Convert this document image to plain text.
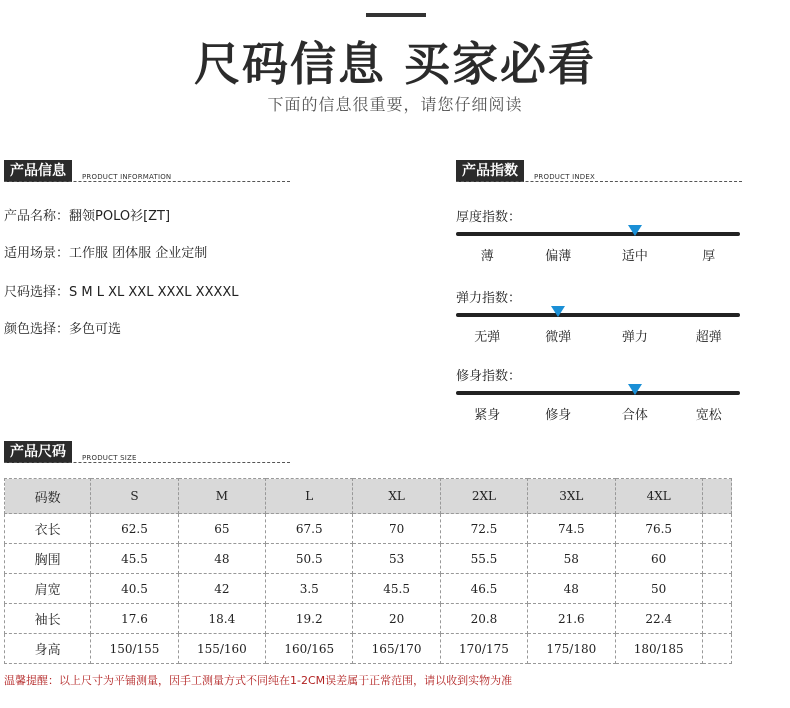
尺码信息 买家必看
下面的信息很重要，请您仔细阅读
产品信息	PRODUCT INFORMATION
产品名称：翻领POLO衫[ZT]
适用场景：工作服 团体服 企业定制
尺码选择：S M L XL XXL XXXL XXXXL
颜色选择：多色可选
产品指数	PRODUCT INDEX
厚度指数：
薄	偏薄	适中	厚
弹力指数：
无弹	微弹	弹力	超弹
修身指数：
紧身	修身	合体	宽松
产品尺码	PRODUCT SIZE
码数	S	M	L	XL	2XL	3XL	4XL	
衣长	62.5	65	67.5	70	72.5	74.5	76.5	
胸围	45.5	48	50.5	53	55.5	58	60	
肩宽	40.5	42	3.5	45.5	46.5	48	50	
袖长	17.6	18.4	19.2	20	20.8	21.6	22.4	
身高	150/155	155/160	160/165	165/170	170/175	175/180	180/185	
温馨提醒：以上尺寸为平铺测量，因手工测量方式不同纯在1-2CM误差属于正常范围，请以收到实物为准
